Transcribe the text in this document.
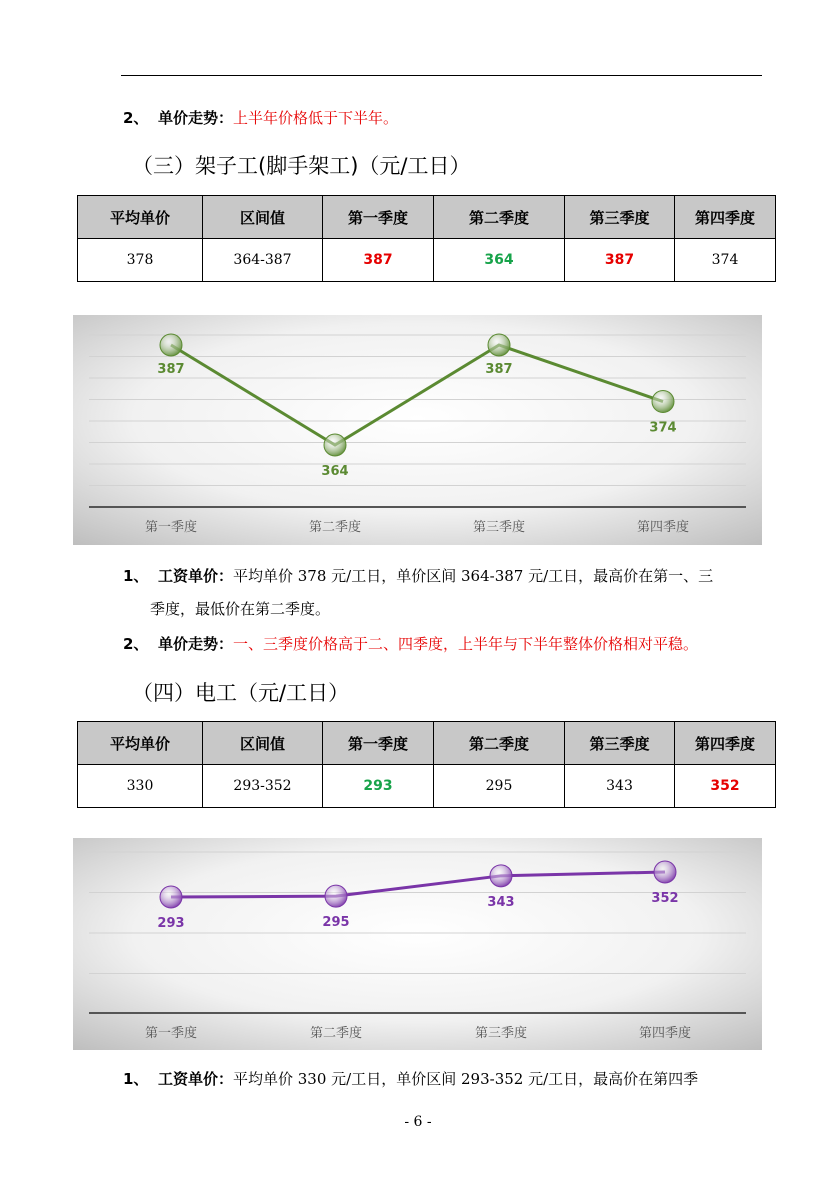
2、 单价走势：上半年价格低于下半年。
（三）架子工(脚手架工)（元/工日）
平均单价	区间值	第一季度	第二季度	第三季度	第四季度
378	364-387	387	364	387	374
387
364
387
374
第一季度	第二季度	第三季度	第四季度
1、 工资单价：平均单价 378 元/工日，单价区间 364-387 元/工日，最高价在第一、三
季度，最低价在第二季度。
2、 单价走势：一、三季度价格高于二、四季度，上半年与下半年整体价格相对平稳。
（四）电工（元/工日）
平均单价	区间值	第一季度	第二季度	第三季度	第四季度
330	293-352	293	295	343	352
293	295
343	352
第一季度	第二季度	第三季度	第四季度
1、 工资单价：平均单价 330 元/工日，单价区间 293-352 元/工日，最高价在第四季
- 6 -
